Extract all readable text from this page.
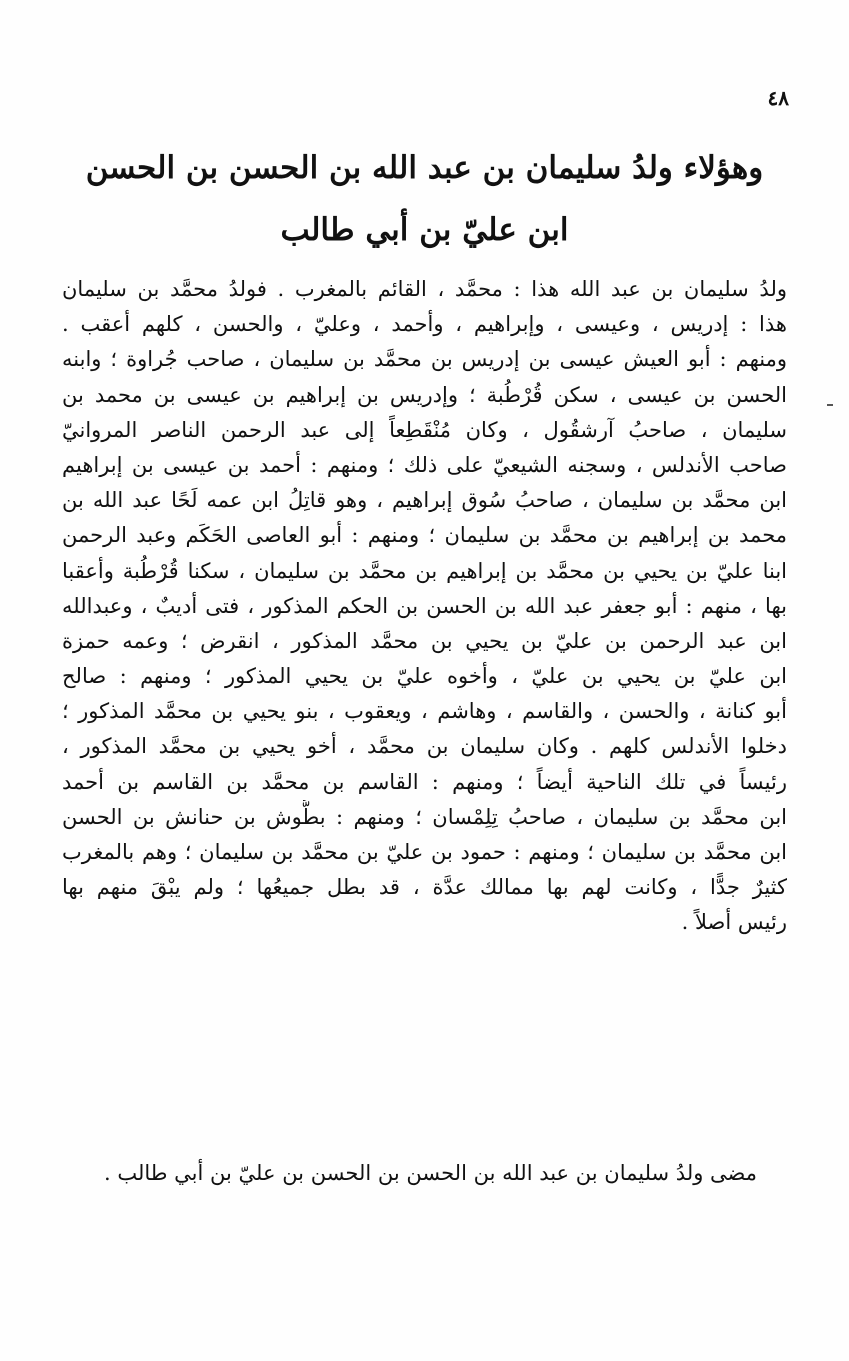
٤٨
وهؤلاء ولدُ سليمان بن عبد الله بن الحسن بن الحسن
ابن عليّ بن أبي طالب
ولدُ سليمان بن عبد الله هذا : محمَّد ، القائم بالمغرب . فولدُ محمَّد بن سليمان
هذا : إدريس ، وعيسى ، وإبراهيم ، وأحمد ، وعليّ ، والحسن ، كلهم أعقب .
ومنهم : أبو العيش عيسى بن إدريس بن محمَّد بن سليمان ، صاحب جُراوة ؛ وابنه
الحسن بن عيسى ، سكن قُرْطُبة ؛ وإدريس بن إبراهيم بن عيسى بن محمد بن
سليمان ، صاحبُ آرشقُول ، وكان مُنْقَطِعاً إلى عبد الرحمن الناصر المروانيّ
صاحب الأندلس ، وسجنه الشيعيّ على ذلك ؛ ومنهم : أحمد بن عيسى بن إبراهيم
ابن محمَّد بن سليمان ، صاحبُ سُوق إبراهيم ، وهو قاتِلُ ابن عمه لَحًا عبد الله بن
محمد بن إبراهيم بن محمَّد بن سليمان ؛ ومنهم : أبو العاصى الحَكَم وعبد الرحمن
ابنا عليّ بن يحيي بن محمَّد بن إبراهيم بن محمَّد بن سليمان ، سكنا قُرْطُبة وأعقبا
بها ، منهم : أبو جعفر عبد الله بن الحسن بن الحكم المذكور ، فتى أديبٌ ، وعبدالله
ابن عبد الرحمن بن عليّ بن يحيي بن محمَّد المذكور ، انقرض ؛ وعمه حمزة
ابن عليّ بن يحيي بن عليّ ، وأخوه عليّ بن يحيي المذكور ؛ ومنهم : صالح
أبو كنانة ، والحسن ، والقاسم ، وهاشم ، ويعقوب ، بنو يحيي بن محمَّد المذكور ؛
دخلوا الأندلس كلهم . وكان سليمان بن محمَّد ، أخو يحيي بن محمَّد المذكور ،
رئيساً في تلك الناحية أيضاً ؛ ومنهم : القاسم بن محمَّد بن القاسم بن أحمد
ابن محمَّد بن سليمان ، صاحبُ تِلِمْسان ؛ ومنهم : بطُّوش بن حنانش بن الحسن
ابن محمَّد بن سليمان ؛ ومنهم : حمود بن عليّ بن محمَّد بن سليمان ؛ وهم بالمغرب
كثيرٌ جدًّا ، وكانت لهم بها ممالك عدَّة ، قد بطل جميعُها ؛ ولم يبْقَ منهم بها
رئيس أصلاً .
مضى ولدُ سليمان بن عبد الله بن الحسن بن الحسن بن عليّ بن أبي طالب .
